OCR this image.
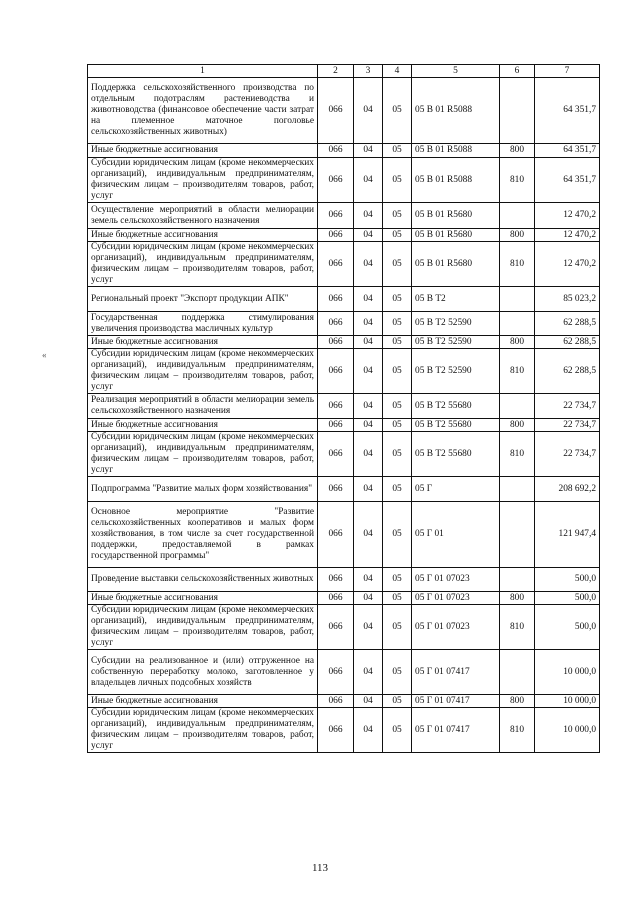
«
1	2	3	4	5	6	7
Поддержка сельскохозяйственного производства по отдельным подотраслям растениеводства и животноводства (финансовое обеспечение части затрат на племенное маточное поголовье сельскохозяйственных животных)	066	04	05	05 В 01 R5088		64 351,7
Иные бюджетные ассигнования	066	04	05	05 В 01 R5088	800	64 351,7
Субсидии юридическим лицам (кроме некоммерческих организаций), индивидуальным предпринимателям, физическим лицам – производителям товаров, работ, услуг	066	04	05	05 В 01 R5088	810	64 351,7
Осуществление мероприятий в области мелиорации земель сельскохозяйственного назначения	066	04	05	05 В 01 R5680		12 470,2
Иные бюджетные ассигнования	066	04	05	05 В 01 R5680	800	12 470,2
Субсидии юридическим лицам (кроме некоммерческих организаций), индивидуальным предпринимателям, физическим лицам – производителям товаров, работ, услуг	066	04	05	05 В 01 R5680	810	12 470,2
Региональный проект "Экспорт продукции АПК"	066	04	05	05 В Т2		85 023,2
Государственная поддержка стимулирования увеличения производства масличных культур	066	04	05	05 В Т2 52590		62 288,5
Иные бюджетные ассигнования	066	04	05	05 В Т2 52590	800	62 288,5
Субсидии юридическим лицам (кроме некоммерческих организаций), индивидуальным предпринимателям, физическим лицам – производителям товаров, работ, услуг	066	04	05	05 В Т2 52590	810	62 288,5
Реализация мероприятий в области мелиорации земель сельскохозяйственного назначения	066	04	05	05 В Т2 55680		22 734,7
Иные бюджетные ассигнования	066	04	05	05 В Т2 55680	800	22 734,7
Субсидии юридическим лицам (кроме некоммерческих организаций), индивидуальным предпринимателям, физическим лицам – производителям товаров, работ, услуг	066	04	05	05 В Т2 55680	810	22 734,7
Подпрограмма "Развитие малых форм хозяйствования"	066	04	05	05 Г		208 692,2
Основное мероприятие "Развитие сельскохозяйственных кооперативов и малых форм хозяйствования, в том числе за счет государственной поддержки, предоставляемой в рамках государственной программы"	066	04	05	05 Г 01		121 947,4
Проведение выставки сельскохозяйственных животных	066	04	05	05 Г 01 07023		500,0
Иные бюджетные ассигнования	066	04	05	05 Г 01 07023	800	500,0
Субсидии юридическим лицам (кроме некоммерческих организаций), индивидуальным предпринимателям, физическим лицам – производителям товаров, работ, услуг	066	04	05	05 Г 01 07023	810	500,0
Субсидии на реализованное и (или) отгруженное на собственную переработку молоко, заготовленное у владельцев личных подсобных хозяйств	066	04	05	05 Г 01 07417		10 000,0
Иные бюджетные ассигнования	066	04	05	05 Г 01 07417	800	10 000,0
Субсидии юридическим лицам (кроме некоммерческих организаций), индивидуальным предпринимателям, физическим лицам – производителям товаров, работ, услуг	066	04	05	05 Г 01 07417	810	10 000,0
113
